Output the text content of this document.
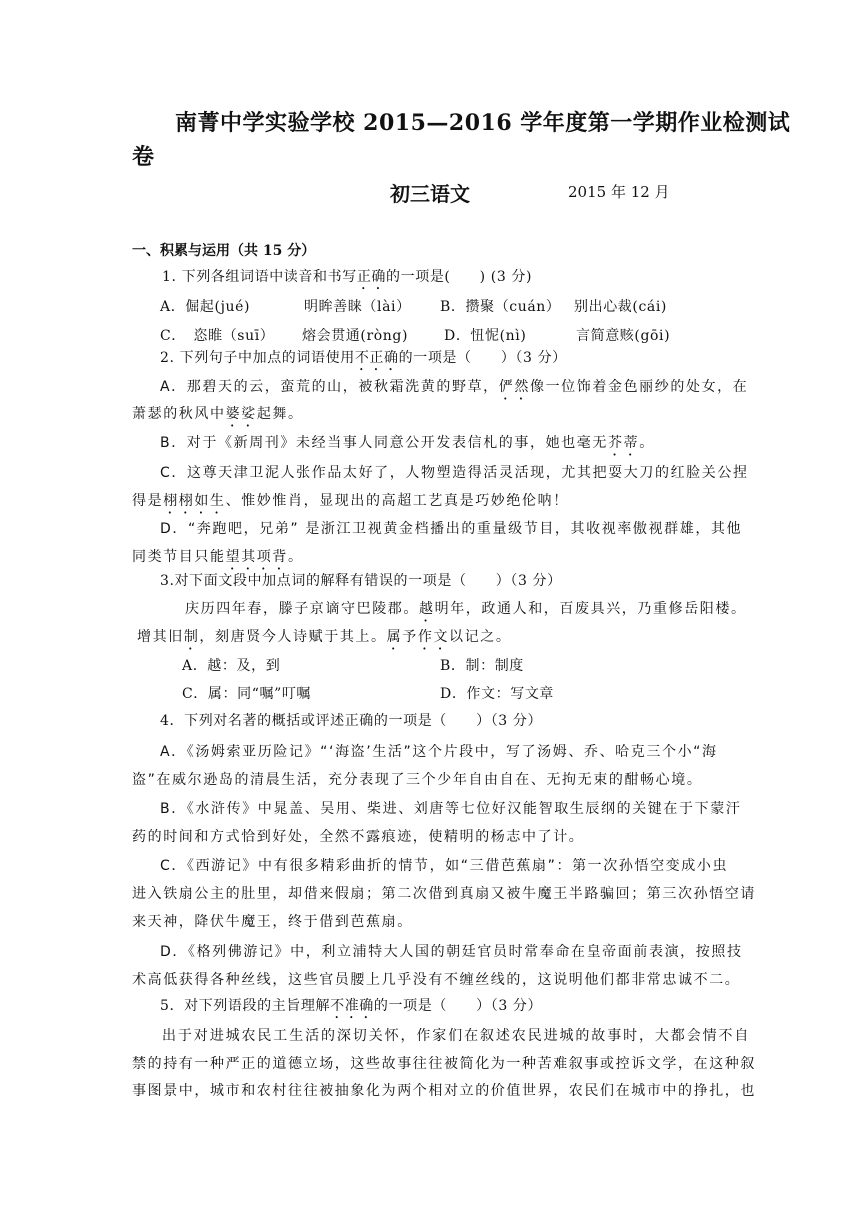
南菁中学实验学校 2015—2016 学年度第一学期作业检测试
卷
初三语文	2015 年 12 月
一、积累与运用（共 15 分）
1. 下列各组词语中读音和书写正确的一项是(　　) (3 分)
A．倔起(jué)	明眸善睐（lài） B．攒聚（cuán） 别出心裁(cái)
C．　恣睢（suī） 熔会贯通(ròng)	D．忸怩(nì)	言简意赅(gōi)
2. 下列句子中加点的词语使用不正确的一项是（　　）（3 分）
A．那碧天的云，蛮荒的山，被秋霜洗黄的野草，俨然像一位饰着金色丽纱的处女，在
萧瑟的秋风中婆娑起舞。
B．对于《新周刊》未经当事人同意公开发表信札的事，她也毫无芥蒂。
C．这尊天津卫泥人张作品太好了，人物塑造得活灵活现，尤其把耍大刀的红脸关公捏
得是栩栩如生、惟妙惟肖，显现出的高超工艺真是巧妙绝伦呐！
D．“奔跑吧，兄弟” 是浙江卫视黄金档播出的重量级节目，其收视率傲视群雄，其他
同类节目只能望其项背。
3.对下面文段中加点词的解释有错误的一项是（　　）（3 分）
庆历四年春，滕子京谪守巴陵郡。越明年，政通人和，百废具兴，乃重修岳阳楼。
增其旧制，刻唐贤今人诗赋于其上。属予作文以记之。
A．越：及，到	B．制：制度
C．属：同“嘱”叮嘱	D．作文：写文章
4．下列对名著的概括或评述正确的一项是（　　）（3 分）
A．《汤姆索亚历险记》“‘海盗’生活”这个片段中，写了汤姆、乔、哈克三个小“海
盗”在威尔逊岛的清晨生活，充分表现了三个少年自由自在、无拘无束的酣畅心境。
B．《水浒传》中晁盖、吴用、柴进、刘唐等七位好汉能智取生辰纲的关键在于下蒙汗
药的时间和方式恰到好处，全然不露痕迹，使精明的杨志中了计。
C．《西游记》中有很多精彩曲折的情节，如“三借芭蕉扇”：第一次孙悟空变成小虫
进入铁扇公主的肚里，却借来假扇；第二次借到真扇又被牛魔王半路骗回；第三次孙悟空请
来天神，降伏牛魔王，终于借到芭蕉扇。
D．《格列佛游记》中，利立浦特大人国的朝廷官员时常奉命在皇帝面前表演，按照技
术高低获得各种丝线，这些官员腰上几乎没有不缠丝线的，这说明他们都非常忠诚不二。
5．对下列语段的主旨理解不准确的一项是（　　）（3 分）
出于对进城农民工生活的深切关怀，作家们在叙述农民进城的故事时，大都会情不自
禁的持有一种严正的道德立场，这些故事往往被简化为一种苦难叙事或控诉文学，在这种叙
事图景中，城市和农村往往被抽象化为两个相对立的价值世界，农民们在城市中的挣扎，也
